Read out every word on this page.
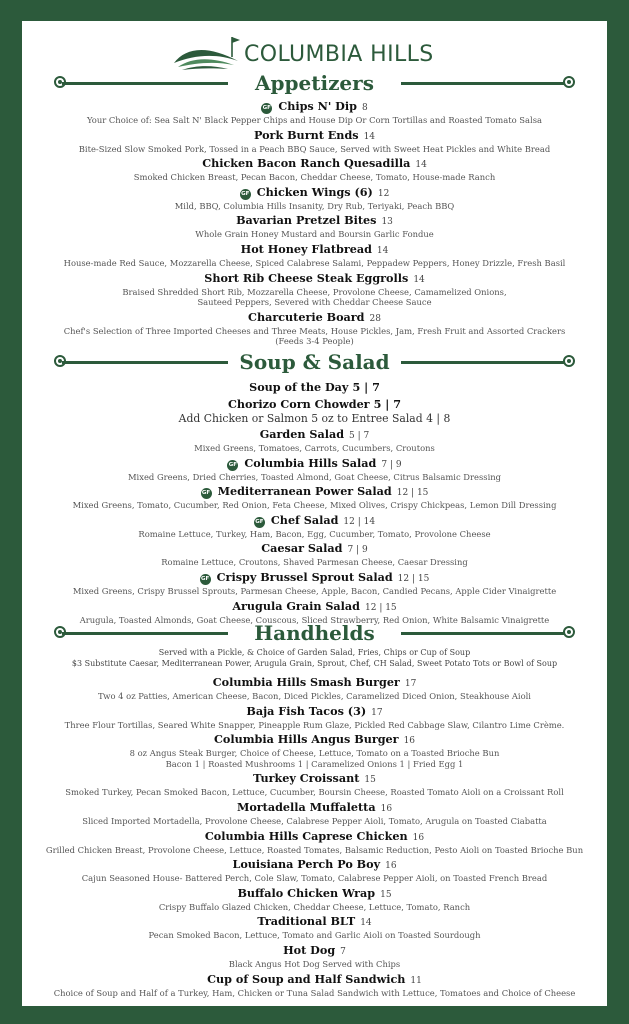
COLUMBIA HILLS
Appetizers
GF Chips N' Dip 8
Your Choice of: Sea Salt N' Black Pepper Chips and House Dip Or Corn Tortillas and Roasted Tomato Salsa
Pork Burnt Ends 14
Bite-Sized Slow Smoked Pork, Tossed in a Peach BBQ Sauce, Served with Sweet Heat Pickles and White Bread
Chicken Bacon Ranch Quesadilla 14
Smoked Chicken Breast, Pecan Bacon, Cheddar Cheese, Tomato, House-made Ranch
GF Chicken Wings (6) 12
Mild, BBQ, Columbia Hills Insanity, Dry Rub, Teriyaki, Peach BBQ
Bavarian Pretzel Bites 13
Whole Grain Honey Mustard and Boursin Garlic Fondue
Hot Honey Flatbread 14
House-made Red Sauce, Mozzarella Cheese, Spiced Calabrese Salami, Peppadew Peppers, Honey Drizzle, Fresh Basil
Short Rib Cheese Steak Eggrolls 14
Braised Shredded Short Rib, Mozzarella Cheese, Provolone Cheese, Camamelized Onions,
Sauteed Peppers, Severed with Cheddar Cheese Sauce
Charcuterie Board 28
Chef's Selection of Three Imported Cheeses and Three Meats, House Pickles, Jam, Fresh Fruit and Assorted Crackers
(Feeds 3-4 People)
Soup & Salad
Soup of the Day 5 | 7
Chorizo Corn Chowder 5 | 7
Add Chicken or Salmon 5 oz to Entree Salad 4 | 8
Garden Salad 5 | 7
Mixed Greens, Tomatoes, Carrots, Cucumbers, Croutons
GF Columbia Hills Salad 7 | 9
Mixed Greens, Dried Cherries, Toasted Almond, Goat Cheese, Citrus Balsamic Dressing
GF Mediterranean Power Salad 12 | 15
Mixed Greens, Tomato, Cucumber, Red Onion, Feta Cheese, Mixed Olives, Crispy Chickpeas, Lemon Dill Dressing
GF Chef Salad 12 | 14
Romaine Lettuce, Turkey, Ham, Bacon, Egg, Cucumber, Tomato, Provolone Cheese
Caesar Salad 7 | 9
Romaine Lettuce, Croutons, Shaved Parmesan Cheese, Caesar Dressing
GF Crispy Brussel Sprout Salad 12 | 15
Mixed Greens, Crispy Brussel Sprouts, Parmesan Cheese, Apple, Bacon, Candied Pecans, Apple Cider Vinaigrette
Arugula Grain Salad 12 | 15
Arugula, Toasted Almonds, Goat Cheese, Couscous, Sliced Strawberry, Red Onion, White Balsamic Vinaigrette
Handhelds
Served with a Pickle, & Choice of Garden Salad, Fries, Chips or Cup of Soup
$3 Substitute Caesar, Mediterranean Power, Arugula Grain, Sprout, Chef, CH Salad, Sweet Potato Tots or Bowl of Soup
Columbia Hills Smash Burger 17
Two 4 oz Patties, American Cheese, Bacon, Diced Pickles, Caramelized Diced Onion, Steakhouse Aioli
Baja Fish Tacos (3) 17
Three Flour Tortillas, Seared White Snapper, Pineapple Rum Glaze, Pickled Red Cabbage Slaw, Cilantro Lime Crème.
Columbia Hills Angus Burger 16
8 oz Angus Steak Burger, Choice of Cheese, Lettuce, Tomato on a Toasted Brioche Bun
Bacon 1 | Roasted Mushrooms 1 | Caramelized Onions 1 | Fried Egg 1
Turkey Croissant 15
Smoked Turkey, Pecan Smoked Bacon, Lettuce, Cucumber, Boursin Cheese, Roasted Tomato Aioli on a Croissant Roll
Mortadella Muffaletta 16
Sliced Imported Mortadella, Provolone Cheese, Calabrese Pepper Aioli, Tomato, Arugula on Toasted Ciabatta
Columbia Hills Caprese Chicken 16
Grilled Chicken Breast, Provolone Cheese, Lettuce, Roasted Tomates, Balsamic Reduction, Pesto Aioli on Toasted Brioche Bun
Louisiana Perch Po Boy 16
Cajun Seasoned House- Battered Perch, Cole Slaw, Tomato, Calabrese Pepper Aioli, on Toasted French Bread
Buffalo Chicken Wrap 15
Crispy Buffalo Glazed Chicken, Cheddar Cheese, Lettuce, Tomato, Ranch
Traditional BLT 14
Pecan Smoked Bacon, Lettuce, Tomato and Garlic Aioli on Toasted Sourdough
Hot Dog 7
Black Angus Hot Dog Served with Chips
Cup of Soup and Half Sandwich 11
Choice of Soup and Half of a Turkey, Ham, Chicken or Tuna Salad Sandwich with Lettuce, Tomatoes and Choice of Cheese
